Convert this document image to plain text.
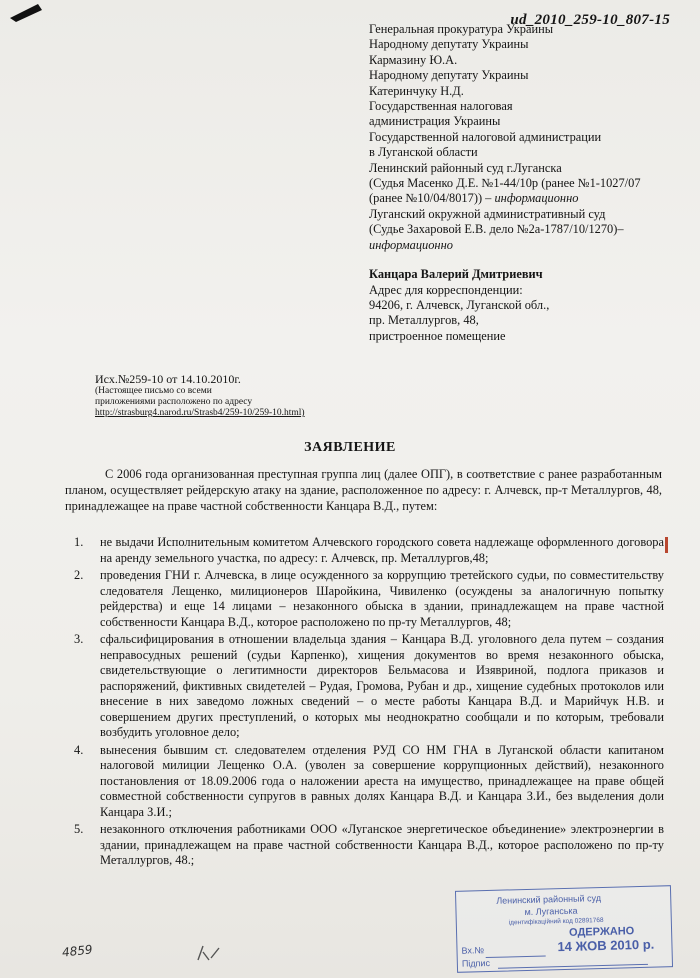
ud_2010_259-10_807-15
Генеральная прокуратура Украины
Народному депутату Украины
Кармазину Ю.А.
Народному депутату Украины
Катеринчуку Н.Д.
Государственная налоговая
администрация Украины
Государственной налоговой администрации
в Луганской области
Ленинский районный суд г.Луганска
(Судья Масенко Д.Е. №1-44/10р (ранее №1-1027/07 (ранее №10/04/8017)) – информационно
Луганский окружной административный суд
(Судье Захаровой Е.В. дело №2а-1787/10/1270)–
информационно
Канцара Валерий Дмитриевич
Адрес для корреспонденции:
94206, г. Алчевск, Луганской обл.,
пр. Металлургов, 48,
пристроенное помещение
Исх.№259-10 от 14.10.2010г.
(Настоящее письмо со всеми
приложениями расположено по адресу
http://strasburg4.narod.ru/Strasb4/259-10/259-10.html)
ЗАЯВЛЕНИЕ
С 2006 года организованная преступная группа лиц (далее ОПГ), в соответствие с ранее разработанным планом, осуществляет рейдерскую атаку на здание, расположенное по адресу: г. Алчевск, пр-т Металлургов, 48, принадлежащее на праве частной собственности Канцара В.Д., путем:
1. не выдачи Исполнительным комитетом Алчевского городского совета надлежаще оформленного договора на аренду земельного участка, по адресу: г. Алчевск, пр. Металлургов,48;
2. проведения ГНИ г. Алчевска, в лице осужденного за коррупцию третейского судьи, по совместительству следователя Лещенко, милиционеров Шаройкина, Чивиленко (осуждены за аналогичную попытку рейдерства) и еще 14 лицами – незаконного обыска в здании, принадлежащем на праве частной собственности Канцара В.Д., которое расположено по пр-ту Металлургов, 48;
3. сфальсифицирования в отношении владельца здания – Канцара В.Д. уголовного дела путем – создания неправосудных решений (судьи Карпенко), хищения документов во время незаконного обыска, свидетельствующие о легитимности директоров Бельмасова и Изявриной, подлога приказов и распоряжений, фиктивных свидетелей – Рудая, Громова, Рубан и др., хищение судебных протоколов или внесение в них заведомо ложных сведений – о месте работы Канцара В.Д. и Марийчук Н.В. и совершением других преступлений, о которых мы неоднократно сообщали и по которым, требовали возбудить уголовное дело;
4. вынесения бывшим ст. следователем отделения РУД СО НМ ГНА в Луганской области капитаном налоговой милиции Лещенко О.А. (уволен за совершение коррупционных действий), незаконного постановления от 18.09.2006 года о наложении ареста на имущество, принадлежащее на праве общей совместной собственности супругов в равных долях Канцара В.Д. и Канцара З.И., без выделения доли Канцара З.И.;
5. незаконного отключения работниками ООО «Луганское энергетическое объединение» электроэнергии в здании, принадлежащем на праве частной собственности Канцара В.Д., которое расположено по пр-ту Металлургов, 48.;
Ленинский районный суд
м. Луганська
ідентифікаційний код 02891768
ОДЕРЖАНО
Вх.№	14 ЖОВ 2010 р.
Підпис
4859
